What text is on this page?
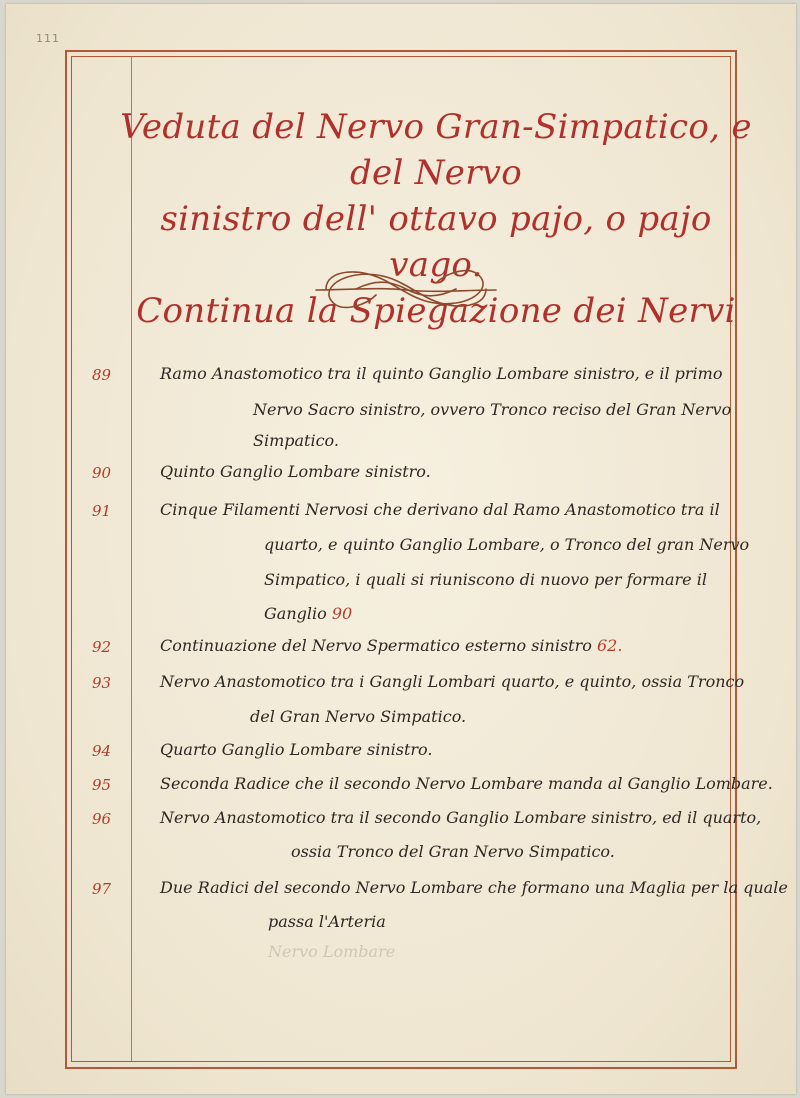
111
Veduta del Nervo Gran-Simpatico, e del Nervo
sinistro dell' ottavo pajo, o pajo vago.
Continua la Spiegazione dei Nervi
89	Ramo Anastomotico tra il quinto Ganglio Lombare sinistro, e il primo
Nervo Sacro sinistro, ovvero Tronco reciso del Gran Nervo
Simpatico.
90	Quinto Ganglio Lombare sinistro.
91	Cinque Filamenti Nervosi che derivano dal Ramo Anastomotico tra il
quarto, e quinto Ganglio Lombare, o Tronco del gran Nervo
Simpatico, i quali si riuniscono di nuovo per formare il
Ganglio 90
92	Continuazione del Nervo Spermatico esterno sinistro 62.
93	Nervo Anastomotico tra i Gangli Lombari quarto, e quinto, ossia Tronco
del Gran Nervo Simpatico.
94	Quarto Ganglio Lombare sinistro.
95	Seconda Radice che il secondo Nervo Lombare manda al Ganglio Lombare.
96	Nervo Anastomotico tra il secondo Ganglio Lombare sinistro, ed il quarto,
ossia Tronco del Gran Nervo Simpatico.
97	Due Radici del secondo Nervo Lombare che formano una Maglia per la quale
passa l'Arteria
Nervo Lombare
